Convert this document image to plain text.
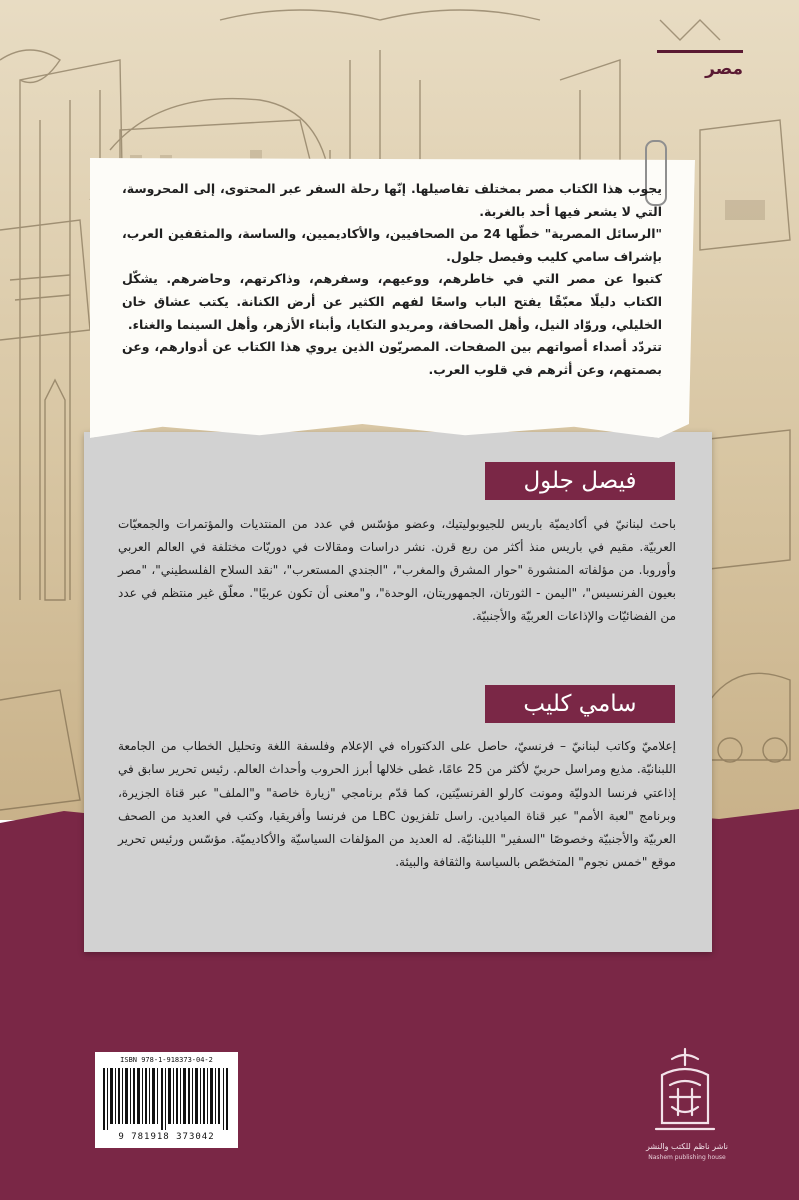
مصر

يجوب هذا الكتاب مصر بمختلف تفاصيلها. إنّها رحلة السفر عبر المحتوى، إلى المحروسة، التي لا يشعر فيها أحد بالغربة.

"الرسائل المصرية" خطّها 24 من الصحافيين، والأكاديميين، والساسة، والمثقفين العرب، بإشراف سامي كليب وفيصل جلول.

كتبوا عن مصر التي في خاطرهم، ووعيهم، وسفرهم، وذاكرتهم، وحاضرهم. يشكّل الكتاب دليلًا معبّقًا يفتح الباب واسعًا لفهم الكثير عن أرض الكنانة. يكتب عشاق خان الخليلي، وروّاد النيل، وأهل الصحافة، ومريدو التكايا، وأبناء الأزهر، وأهل السينما والغناء.

تتردّد أصداء أصواتهم بين الصفحات. المصريّون الذين يروي هذا الكتاب عن أدوارهم، وعن بصمتهم، وعن أثرهم في قلوب العرب.

فيصل جلول
باحث لبنانيّ في أكاديميّة باريس للجيوبوليتيك، وعضو مؤسّس في عدد من المنتديات والمؤتمرات والجمعيّات العربيّة. مقيم في باريس منذ أكثر من ربع قرن. نشر دراسات ومقالات في دوريّات مختلفة في العالم العربي وأوروبا. من مؤلفاته المنشورة "حوار المشرق والمغرب"، "الجندي المستعرب"، "نقد السلاح الفلسطيني"، "مصر بعيون الفرنسيس"، "اليمن - الثورتان، الجمهوريتان، الوحدة"، و"معنى أن تكون عربيًا". معلّق غير منتظم في عدد من الفضائيّات والإذاعات العربيّة والأجنبيّة.
سامي كليب
إعلاميّ وكاتب لبنانيّ – فرنسيّ، حاصل على الدكتوراه في الإعلام وفلسفة اللغة وتحليل الخطاب من الجامعة اللبنانيّة. مذيع ومراسل حربيّ لأكثر من 25 عامًا، غطى خلالها أبرز الحروب وأحداث العالم. رئيس تحرير سابق في إذاعتي فرنسا الدوليّة ومونت كارلو الفرنسيّتين، كما قدّم برنامجي "زيارة خاصة" و"الملف" عبر قناة الجزيرة، وبرنامج "لعبة الأمم" عبر قناة الميادين. راسل تلفزيون LBC من فرنسا وأفريقيا، وكتب في العديد من الصحف العربيّة والأجنبيّة وخصوصًا "السفير" اللبنانيّة. له العديد من المؤلفات السياسيّة والأكاديميّة. مؤسّس ورئيس تحرير موقع "خمس نجوم" المتخصّص بالسياسة والثقافة والبيئة.
ISBN 978-1-918373-04-2
9 781918 373042
ناشر ناظم للكتب والنشر
Nashem publishing house
